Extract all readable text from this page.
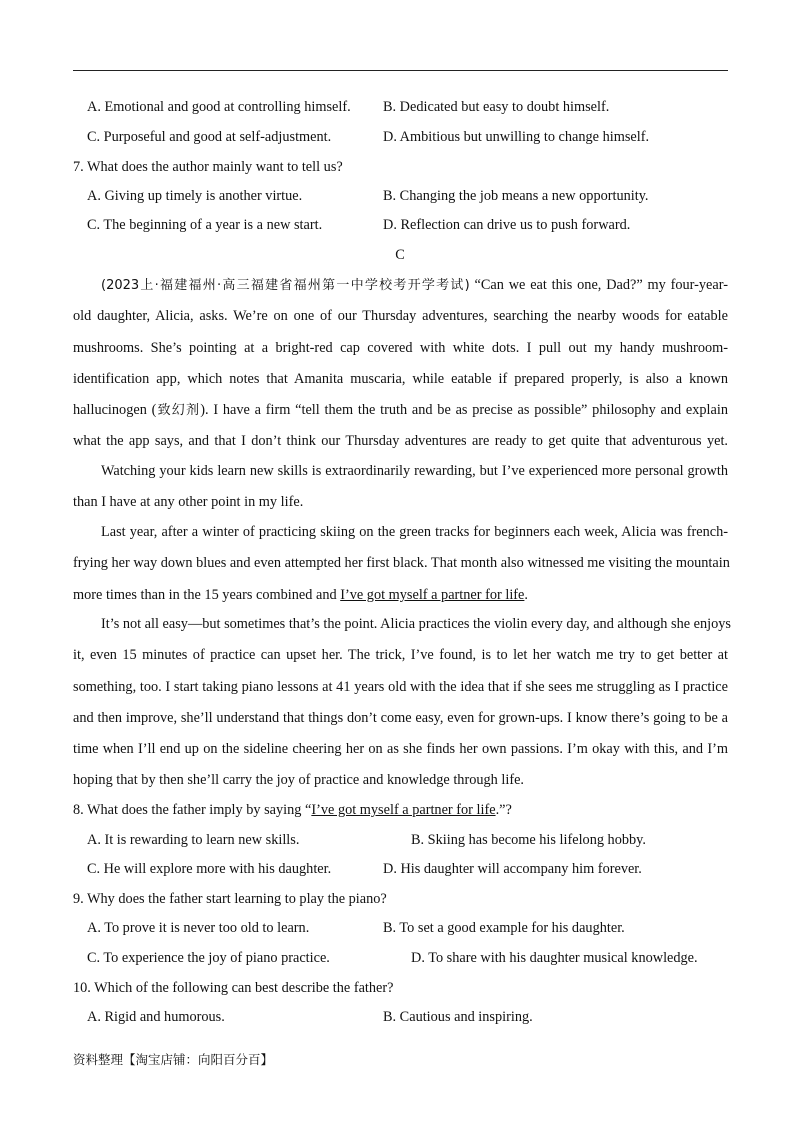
A. Emotional and good at controlling himself. B. Dedicated but easy to doubt himself.
C. Purposeful and good at self-adjustment.	D. Ambitious but unwilling to change himself.
7. What does the author mainly want to tell us?
A. Giving up timely is another virtue.	B. Changing the job means a new opportunity.
C. The beginning of a year is a new start.	D. Reflection can drive us to push forward.
C
(2023上·福建福州·高三福建省福州第一中学校考开学考试) “Can we eat this one, Dad?” my four-year-
old daughter, Alicia, asks. We’re on one of our Thursday adventures, searching the nearby woods for eatable
mushrooms. She’s pointing at a bright-red cap covered with white dots. I pull out my handy mushroom-
identification app, which notes that Amanita muscaria, while eatable if prepared properly, is also a known
hallucinogen (致幻剂). I have a firm “tell them the truth and be as precise as possible” philosophy and explain
what the app says, and that I don’t think our Thursday adventures are ready to get quite that adventurous yet.
Watching your kids learn new skills is extraordinarily rewarding, but I’ve experienced more personal growth
than I have at any other point in my life.
Last year, after a winter of practicing skiing on the green tracks for beginners each week, Alicia was french-
frying her way down blues and even attempted her first black. That month also witnessed me visiting the mountain
more times than in the 15 years combined and I’ve got myself a partner for life.
It’s not all easy—but sometimes that’s the point. Alicia practices the violin every day, and although she enjoys
it, even 15 minutes of practice can upset her. The trick, I’ve found, is to let her watch me try to get better at
something, too. I start taking piano lessons at 41 years old with the idea that if she sees me struggling as I practice
and then improve, she’ll understand that things don’t come easy, even for grown-ups. I know there’s going to be a
time when I’ll end up on the sideline cheering her on as she finds her own passions. I’m okay with this, and I’m
hoping that by then she’ll carry the joy of practice and knowledge through life.
8. What does the father imply by saying “I’ve got myself a partner for life.”?
A. It is rewarding to learn new skills.	B. Skiing has become his lifelong hobby.
C. He will explore more with his daughter.	D. His daughter will accompany him forever.
9. Why does the father start learning to play the piano?
A. To prove it is never too old to learn.	B. To set a good example for his daughter.
C. To experience the joy of piano practice.	D. To share with his daughter musical knowledge.
10. Which of the following can best describe the father?
A. Rigid and humorous.	B. Cautious and inspiring.
资料整理【淘宝店铺：向阳百分百】
